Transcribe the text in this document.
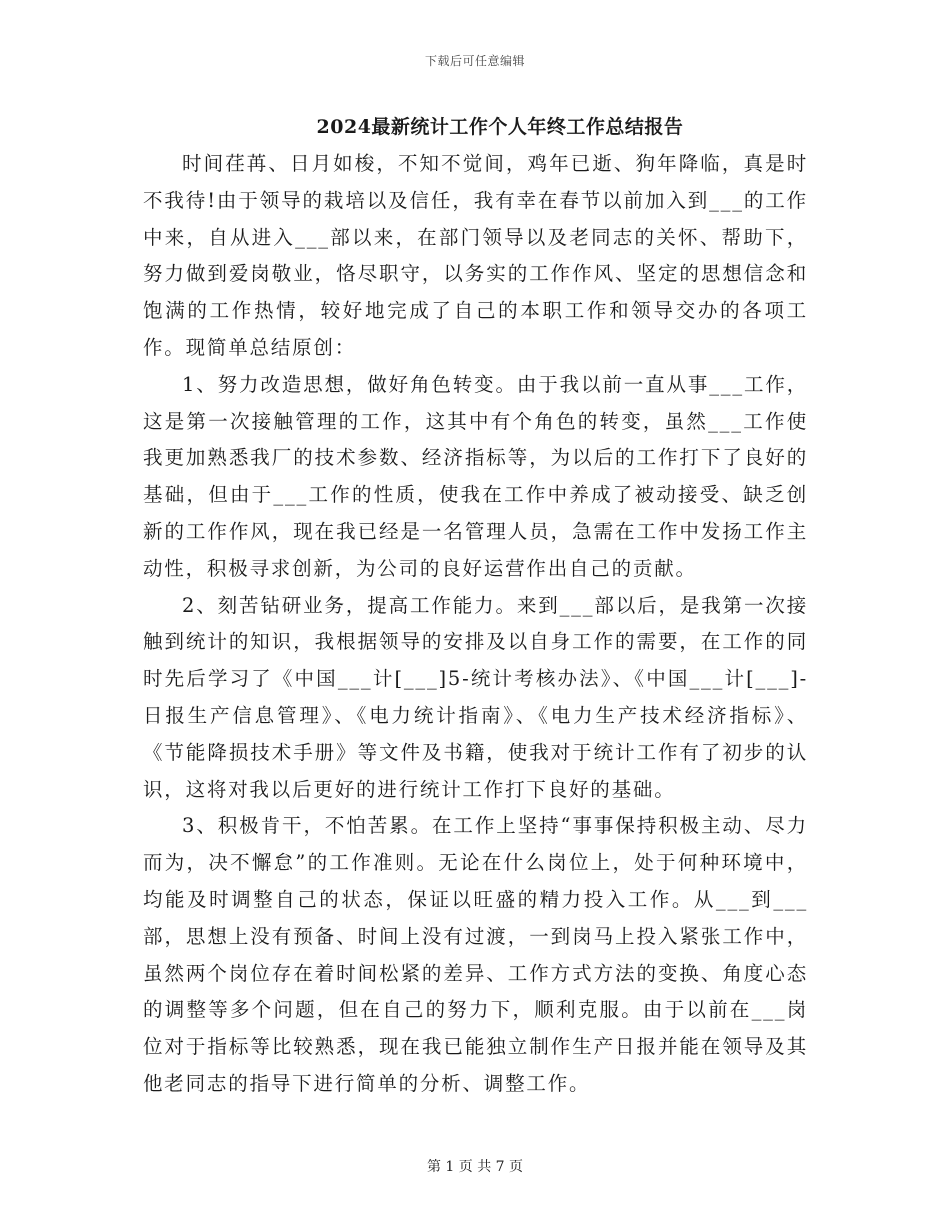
下载后可任意编辑
2024最新统计工作个人年终工作总结报告

时间荏苒、日月如梭，不知不觉间，鸡年已逝、狗年降临，真是时不我待!由于领导的栽培以及信任，我有幸在春节以前加入到___的工作中来，自从进入___部以来，在部门领导以及老同志的关怀、帮助下，努力做到爱岗敬业，恪尽职守，以务实的工作作风、坚定的思想信念和饱满的工作热情，较好地完成了自己的本职工作和领导交办的各项工作。现简单总结原创：

1、努力改造思想，做好角色转变。由于我以前一直从事___工作，这是第一次接触管理的工作，这其中有个角色的转变，虽然___工作使我更加熟悉我厂的技术参数、经济指标等，为以后的工作打下了良好的基础，但由于___工作的性质，使我在工作中养成了被动接受、缺乏创新的工作作风，现在我已经是一名管理人员，急需在工作中发扬工作主动性，积极寻求创新，为公司的良好运营作出自己的贡献。

2、刻苦钻研业务，提高工作能力。来到___部以后，是我第一次接触到统计的知识，我根据领导的安排及以自身工作的需要，在工作的同时先后学习了《中国___计[___]5-统计考核办法》、《中国___计[___]-日报生产信息管理》、《电力统计指南》、《电力生产技术经济指标》、《节能降损技术手册》等文件及书籍，使我对于统计工作有了初步的认识，这将对我以后更好的进行统计工作打下良好的基础。

3、积极肯干，不怕苦累。在工作上坚持“事事保持积极主动、尽力而为，决不懈怠”的工作准则。无论在什么岗位上，处于何种环境中，均能及时调整自己的状态，保证以旺盛的精力投入工作。从___到___部，思想上没有预备、时间上没有过渡，一到岗马上投入紧张工作中，虽然两个岗位存在着时间松紧的差异、工作方式方法的变换、角度心态的调整等多个问题，但在自己的努力下，顺利克服。由于以前在___岗位对于指标等比较熟悉，现在我已能独立制作生产日报并能在领导及其他老同志的指导下进行简单的分析、调整工作。

第 1 页 共 7 页
